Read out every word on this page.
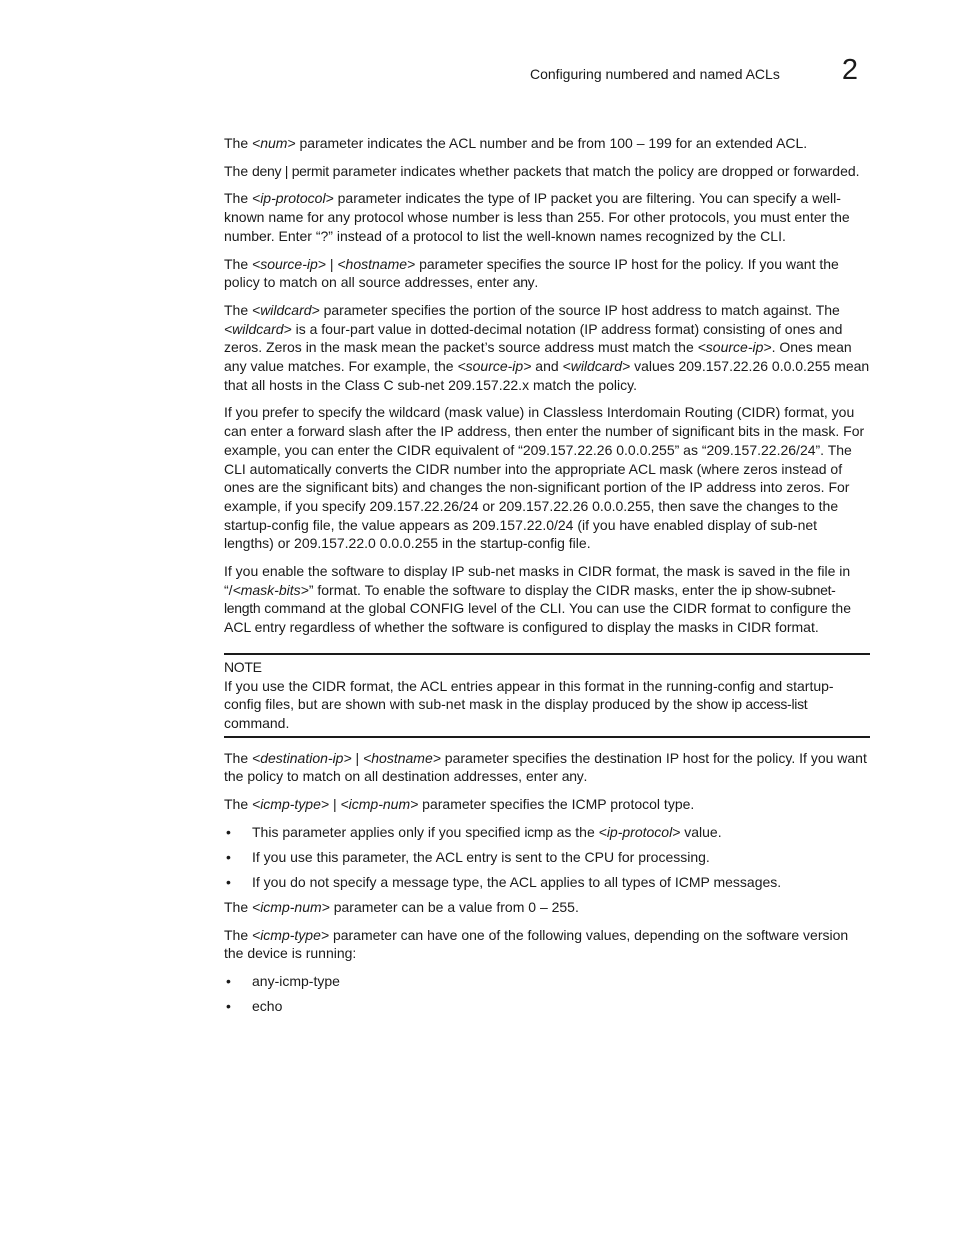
Configuring numbered and named ACLs 2

The <num> parameter indicates the ACL number and be from 100 – 199 for an extended ACL.

The deny | permit parameter indicates whether packets that match the policy are dropped or forwarded.

The <ip-protocol> parameter indicates the type of IP packet you are filtering. You can specify a well-known name for any protocol whose number is less than 255. For other protocols, you must enter the number. Enter “?” instead of a protocol to list the well-known names recognized by the CLI.

The <source-ip> | <hostname> parameter specifies the source IP host for the policy. If you want the policy to match on all source addresses, enter any.

The <wildcard> parameter specifies the portion of the source IP host address to match against. The <wildcard> is a four-part value in dotted-decimal notation (IP address format) consisting of ones and zeros. Zeros in the mask mean the packet’s source address must match the <source-ip>. Ones mean any value matches. For example, the <source-ip> and <wildcard> values 209.157.22.26 0.0.0.255 mean that all hosts in the Class C sub-net 209.157.22.x match the policy.

If you prefer to specify the wildcard (mask value) in Classless Interdomain Routing (CIDR) format, you can enter a forward slash after the IP address, then enter the number of significant bits in the mask. For example, you can enter the CIDR equivalent of “209.157.22.26 0.0.0.255” as “209.157.22.26/24”. The CLI automatically converts the CIDR number into the appropriate ACL mask (where zeros instead of ones are the significant bits) and changes the non-significant portion of the IP address into zeros. For example, if you specify 209.157.22.26/24 or 209.157.22.26 0.0.0.255, then save the changes to the startup-config file, the value appears as 209.157.22.0/24 (if you have enabled display of sub-net lengths) or 209.157.22.0 0.0.0.255 in the startup-config file.

If you enable the software to display IP sub-net masks in CIDR format, the mask is saved in the file in “/<mask-bits>” format. To enable the software to display the CIDR masks, enter the ip show-subnet-length command at the global CONFIG level of the CLI. You can use the CIDR format to configure the ACL entry regardless of whether the software is configured to display the masks in CIDR format.

NOTE
If you use the CIDR format, the ACL entries appear in this format in the running-config and startup-config files, but are shown with sub-net mask in the display produced by the show ip access-list command.

The <destination-ip> | <hostname> parameter specifies the destination IP host for the policy. If you want the policy to match on all destination addresses, enter any.

The <icmp-type> | <icmp-num> parameter specifies the ICMP protocol type.

• This parameter applies only if you specified icmp as the <ip-protocol> value.
• If you use this parameter, the ACL entry is sent to the CPU for processing.
• If you do not specify a message type, the ACL applies to all types of ICMP messages.

The <icmp-num> parameter can be a value from 0 – 255.

The <icmp-type> parameter can have one of the following values, depending on the software version the device is running:

• any-icmp-type
• echo
